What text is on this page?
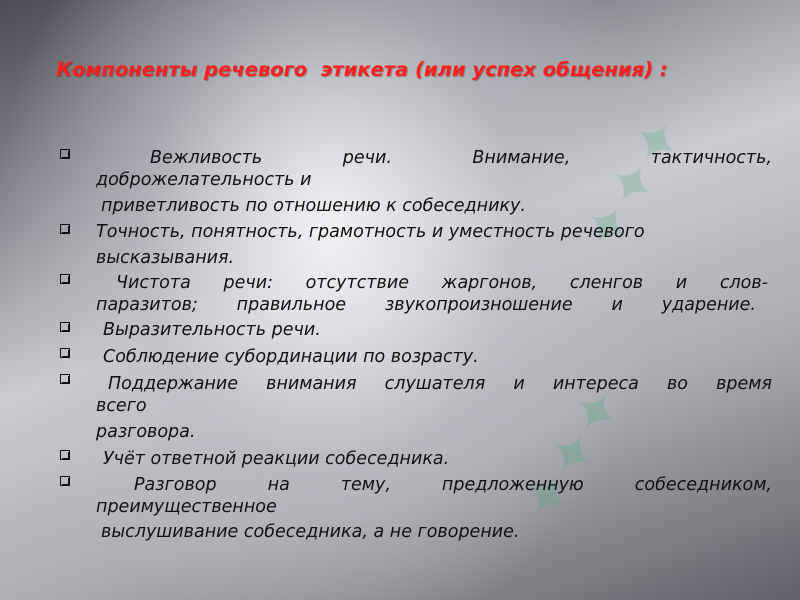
✦✦✦
✦✦✦
Компоненты речевого  этикета (или успех общения) :
Вежливость речи. Внимание, тактичность,
доброжелательность и
приветливость по отношению к собеседнику.
Точность, понятность, грамотность и уместность речевого
высказывания.
Чистота речи: отсутствие жаргонов, сленгов и слов-
паразитов; правильное звукопроизношение и ударение.
Выразительность речи.
Соблюдение субординации по возрасту.
Поддержание внимания слушателя и интереса во время
всего
разговора.
Учёт ответной реакции собеседника.
Разговор на тему, предложенную собеседником,
преимущественное
выслушивание собеседника, а не говорение.
